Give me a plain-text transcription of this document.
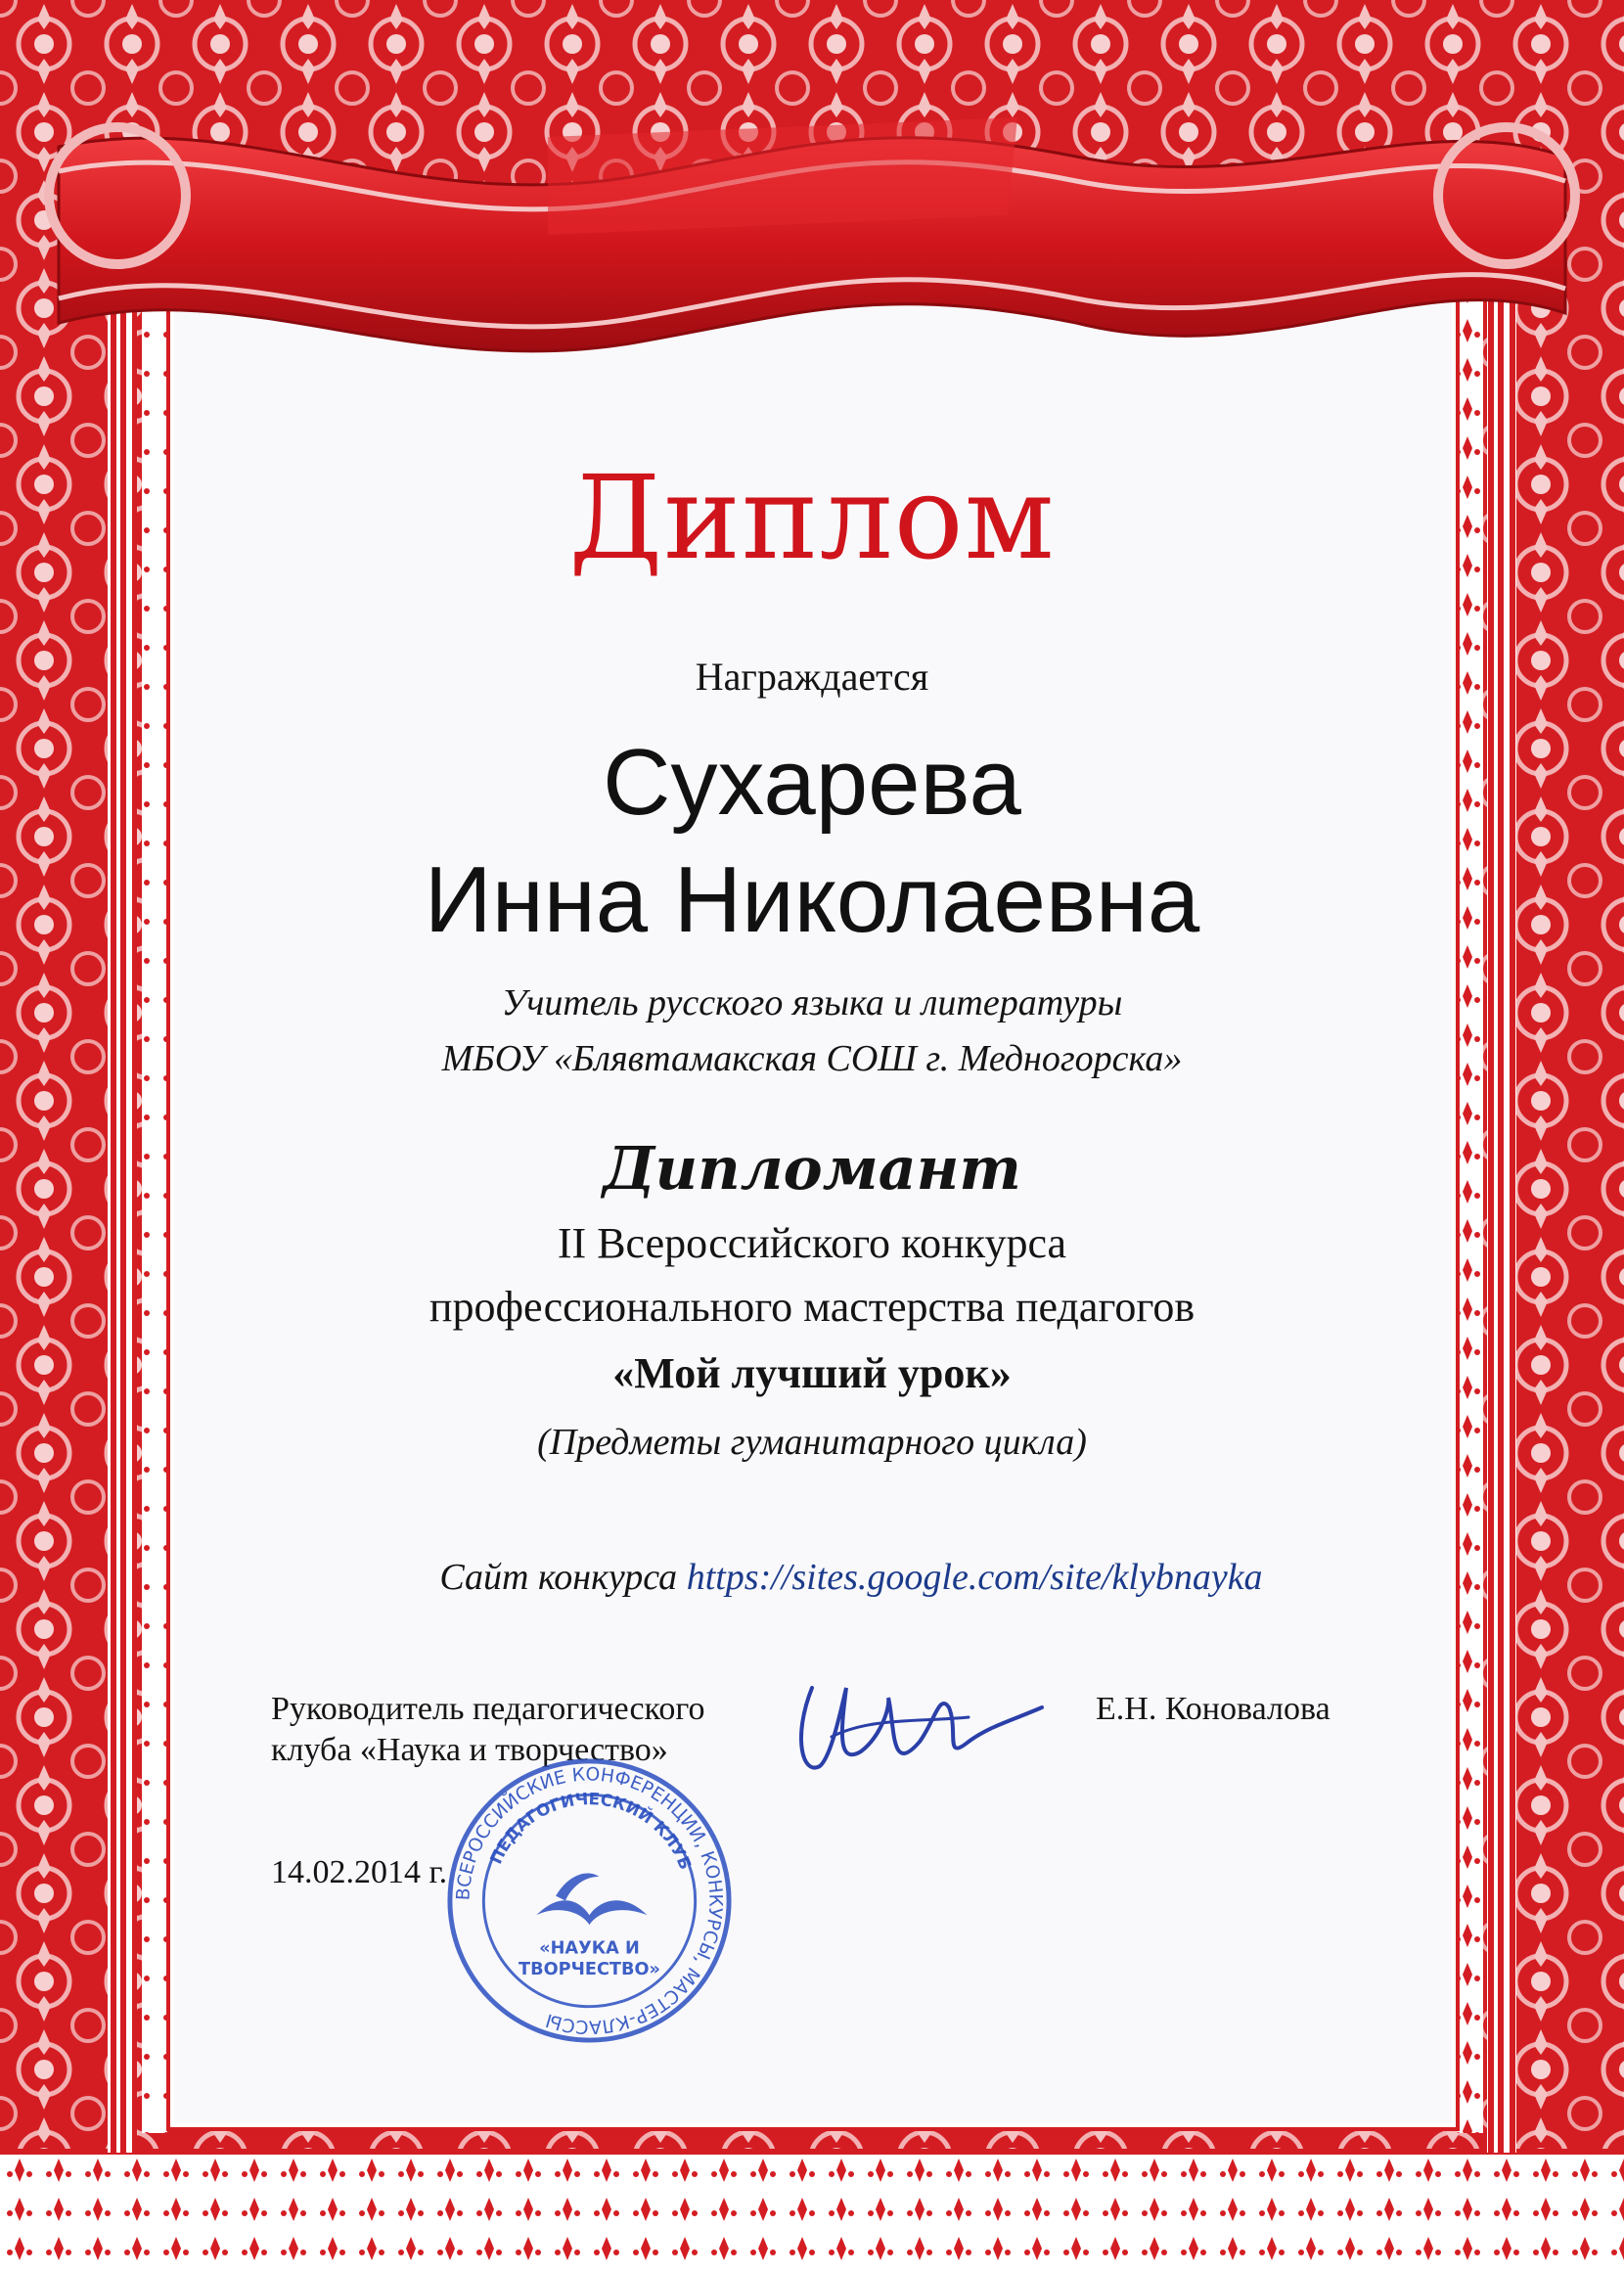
Диплом
Награждается
Сухарева
Инна Николаевна
Учитель русского языка и литературы
МБОУ «Блявтамакская СОШ г. Медногорска»
Дипломант
II Всероссийского конкурса
профессионального мастерства педагогов
«Мой лучший урок»
(Предметы гуманитарного цикла)
Сайт конкурса https://sites.google.com/site/klybnayka
Руководитель педагогического
клуба «Наука и творчество»
Е.Н. Коновалова
14.02.2014 г.
ВСЕРОССИЙСКИЕ КОНФЕРЕНЦИИ, КОНКУРСЫ, МАСТЕР-КЛАССЫ
ПЕДАГОГИЧЕСКИЙ КЛУБ
«НАУКА И
ТВОРЧЕСТВО»
